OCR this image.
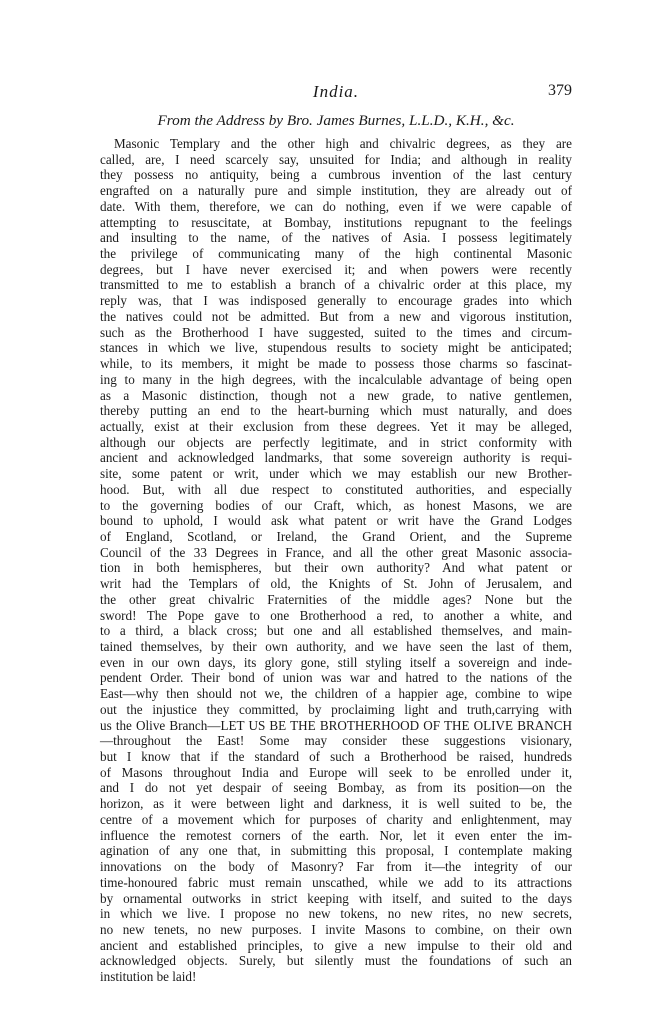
India.	379
From the Address by Bro. James Burnes, L.L.D., K.H., &c.
Masonic Templary and the other high and chivalric degrees, as they are
called, are, I need scarcely say, unsuited for India; and although in reality
they possess no antiquity, being a cumbrous invention of the last century
engrafted on a naturally pure and simple institution, they are already out of
date. With them, therefore, we can do nothing, even if we were capable of
attempting to resuscitate, at Bombay, institutions repugnant to the feelings
and insulting to the name, of the natives of Asia. I possess legitimately
the privilege of communicating many of the high continental Masonic
degrees, but I have never exercised it; and when powers were recently
transmitted to me to establish a branch of a chivalric order at this place, my
reply was, that I was indisposed generally to encourage grades into which
the natives could not be admitted. But from a new and vigorous institution,
such as the Brotherhood I have suggested, suited to the times and circum-
stances in which we live, stupendous results to society might be anticipated;
while, to its members, it might be made to possess those charms so fascinat-
ing to many in the high degrees, with the incalculable advantage of being open
as a Masonic distinction, though not a new grade, to native gentlemen,
thereby putting an end to the heart-burning which must naturally, and does
actually, exist at their exclusion from these degrees. Yet it may be alleged,
although our objects are perfectly legitimate, and in strict conformity with
ancient and acknowledged landmarks, that some sovereign authority is requi-
site, some patent or writ, under which we may establish our new Brother-
hood. But, with all due respect to constituted authorities, and especially
to the governing bodies of our Craft, which, as honest Masons, we are
bound to uphold, I would ask what patent or writ have the Grand Lodges
of England, Scotland, or Ireland, the Grand Orient, and the Supreme
Council of the 33 Degrees in France, and all the other great Masonic associa-
tion in both hemispheres, but their own authority? And what patent or
writ had the Templars of old, the Knights of St. John of Jerusalem, and
the other great chivalric Fraternities of the middle ages? None but the
sword! The Pope gave to one Brotherhood a red, to another a white, and
to a third, a black cross; but one and all established themselves, and main-
tained themselves, by their own authority, and we have seen the last of them,
even in our own days, its glory gone, still styling itself a sovereign and inde-
pendent Order. Their bond of union was war and hatred to the nations of the
East—why then should not we, the children of a happier age, combine to wipe
out the injustice they committed, by proclaiming light and truth,carrying with
us the Olive Branch—LET US BE THE BROTHERHOOD OF THE OLIVE BRANCH
—throughout the East! Some may consider these suggestions visionary,
but I know that if the standard of such a Brotherhood be raised, hundreds
of Masons throughout India and Europe will seek to be enrolled under it,
and I do not yet despair of seeing Bombay, as from its position—on the
horizon, as it were between light and darkness, it is well suited to be, the
centre of a movement which for purposes of charity and enlightenment, may
influence the remotest corners of the earth. Nor, let it even enter the im-
agination of any one that, in submitting this proposal, I contemplate making
innovations on the body of Masonry? Far from it—the integrity of our
time-honoured fabric must remain unscathed, while we add to its attractions
by ornamental outworks in strict keeping with itself, and suited to the days
in which we live. I propose no new tokens, no new rites, no new secrets,
no new tenets, no new purposes. I invite Masons to combine, on their own
ancient and established principles, to give a new impulse to their old and
acknowledged objects. Surely, but silently must the foundations of such an
institution be laid!
